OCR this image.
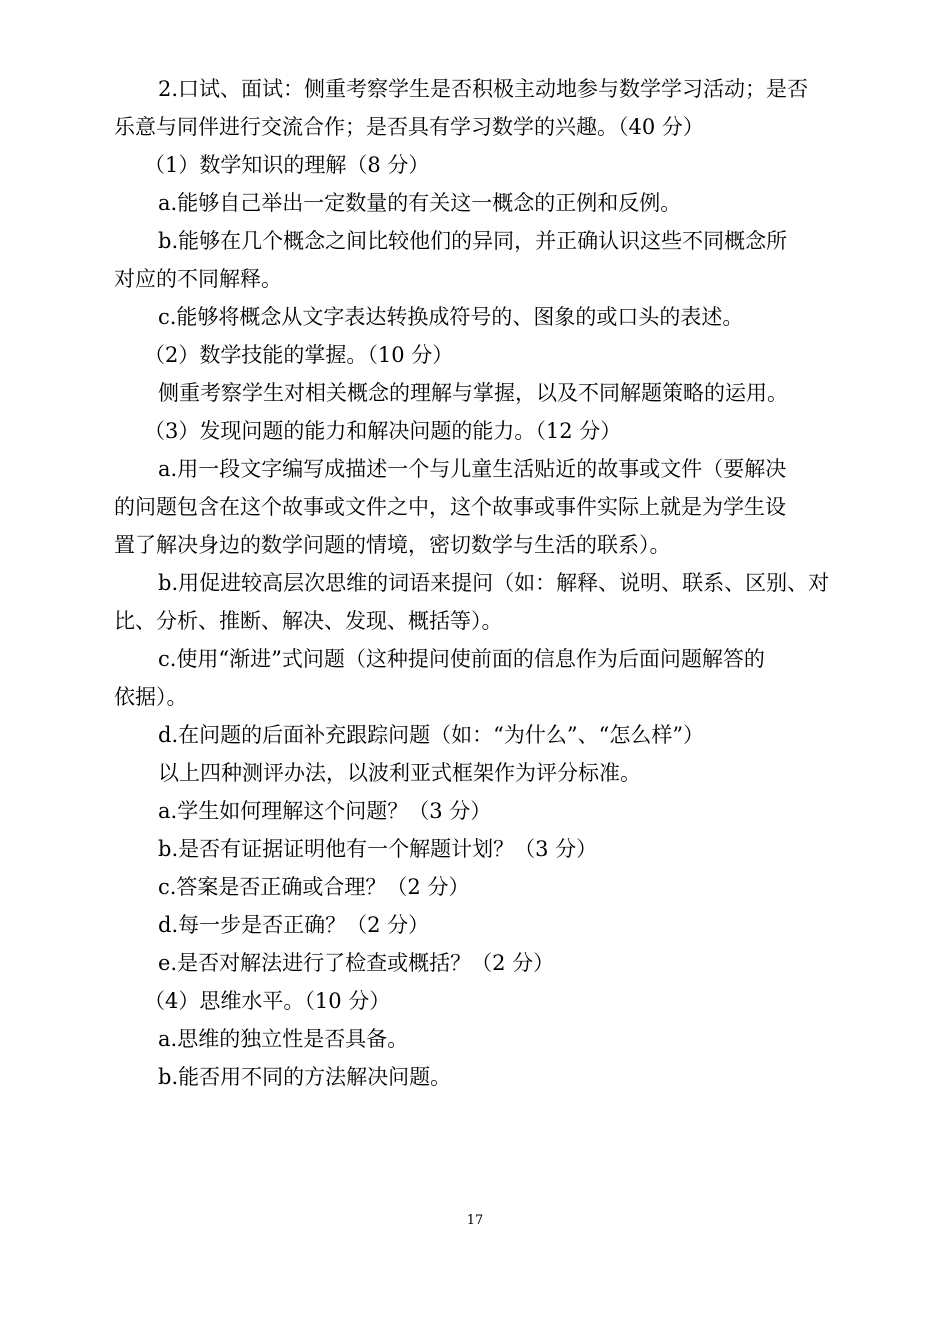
2.口试、面试：侧重考察学生是否积极主动地参与数学学习活动；是否
乐意与同伴进行交流合作；是否具有学习数学的兴趣。（40 分）
（1）数学知识的理解（8 分）
a.能够自己举出一定数量的有关这一概念的正例和反例。
b.能够在几个概念之间比较他们的异同，并正确认识这些不同概念所
对应的不同解释。
c.能够将概念从文字表达转换成符号的、图象的或口头的表述。
（2）数学技能的掌握。（10 分）
侧重考察学生对相关概念的理解与掌握，以及不同解题策略的运用。
（3）发现问题的能力和解决问题的能力。（12 分）
a.用一段文字编写成描述一个与儿童生活贴近的故事或文件（要解决
的问题包含在这个故事或文件之中，这个故事或事件实际上就是为学生设
置了解决身边的数学问题的情境，密切数学与生活的联系）。
b.用促进较高层次思维的词语来提问（如：解释、说明、联系、区别、对
比、分析、推断、解决、发现、概括等）。
c.使用“渐进”式问题（这种提问使前面的信息作为后面问题解答的
依据）。
d.在问题的后面补充跟踪问题（如：“为什么”、“怎么样”）
以上四种测评办法，以波利亚式框架作为评分标准。
a.学生如何理解这个问题？（3 分）
b.是否有证据证明他有一个解题计划？（3 分）
c.答案是否正确或合理？（2 分）
d.每一步是否正确？（2 分）
e.是否对解法进行了检查或概括？（2 分）
（4）思维水平。（10 分）
a.思维的独立性是否具备。
b.能否用不同的方法解决问题。
17
